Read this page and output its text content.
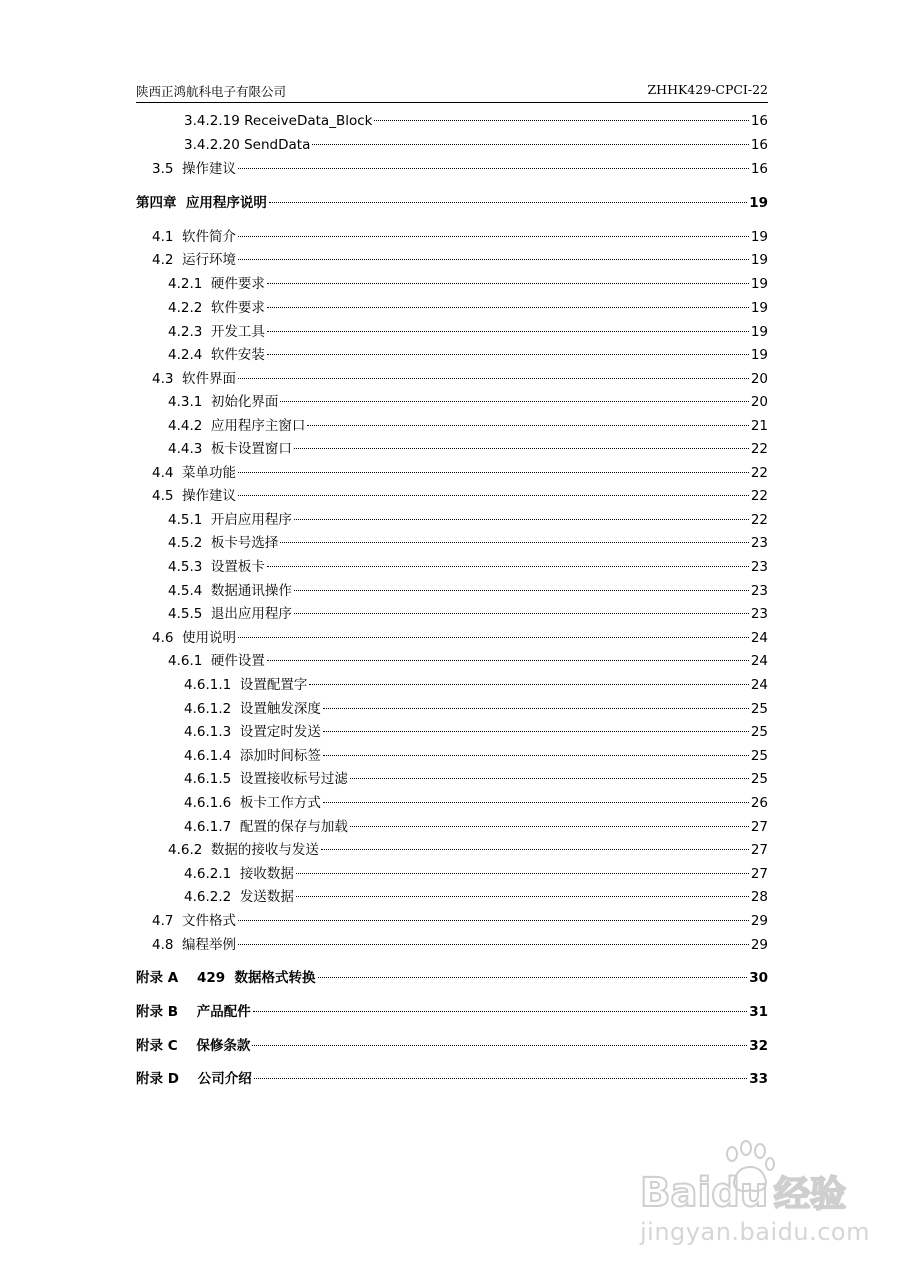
陕西正鸿航科电子有限公司	ZHHK429-CPCI-22
3.4.2.19 ReceiveData_Block	16
3.4.2.20 SendData	16
3.5  操作建议	16
第四章  应用程序说明	19
4.1  软件简介	19
4.2  运行环境	19
4.2.1  硬件要求	19
4.2.2  软件要求	19
4.2.3  开发工具	19
4.2.4  软件安装	19
4.3  软件界面	20
4.3.1  初始化界面	20
4.4.2  应用程序主窗口	21
4.4.3  板卡设置窗口	22
4.4  菜单功能	22
4.5  操作建议	22
4.5.1  开启应用程序	22
4.5.2  板卡号选择	23
4.5.3  设置板卡	23
4.5.4  数据通讯操作	23
4.5.5  退出应用程序	23
4.6  使用说明	24
4.6.1  硬件设置	24
4.6.1.1  设置配置字	24
4.6.1.2  设置触发深度	25
4.6.1.3  设置定时发送	25
4.6.1.4  添加时间标签	25
4.6.1.5  设置接收标号过滤	25
4.6.1.6  板卡工作方式	26
4.6.1.7  配置的保存与加载	27
4.6.2  数据的接收与发送	27
4.6.2.1  接收数据	27
4.6.2.2  发送数据	28
4.7  文件格式	29
4.8  编程举例	29
附录 A    429  数据格式转换	30
附录 B    产品配件	31
附录 C    保修条款	32
附录 D    公司介绍	33
Baidu 经验
jingyan.baidu.com
